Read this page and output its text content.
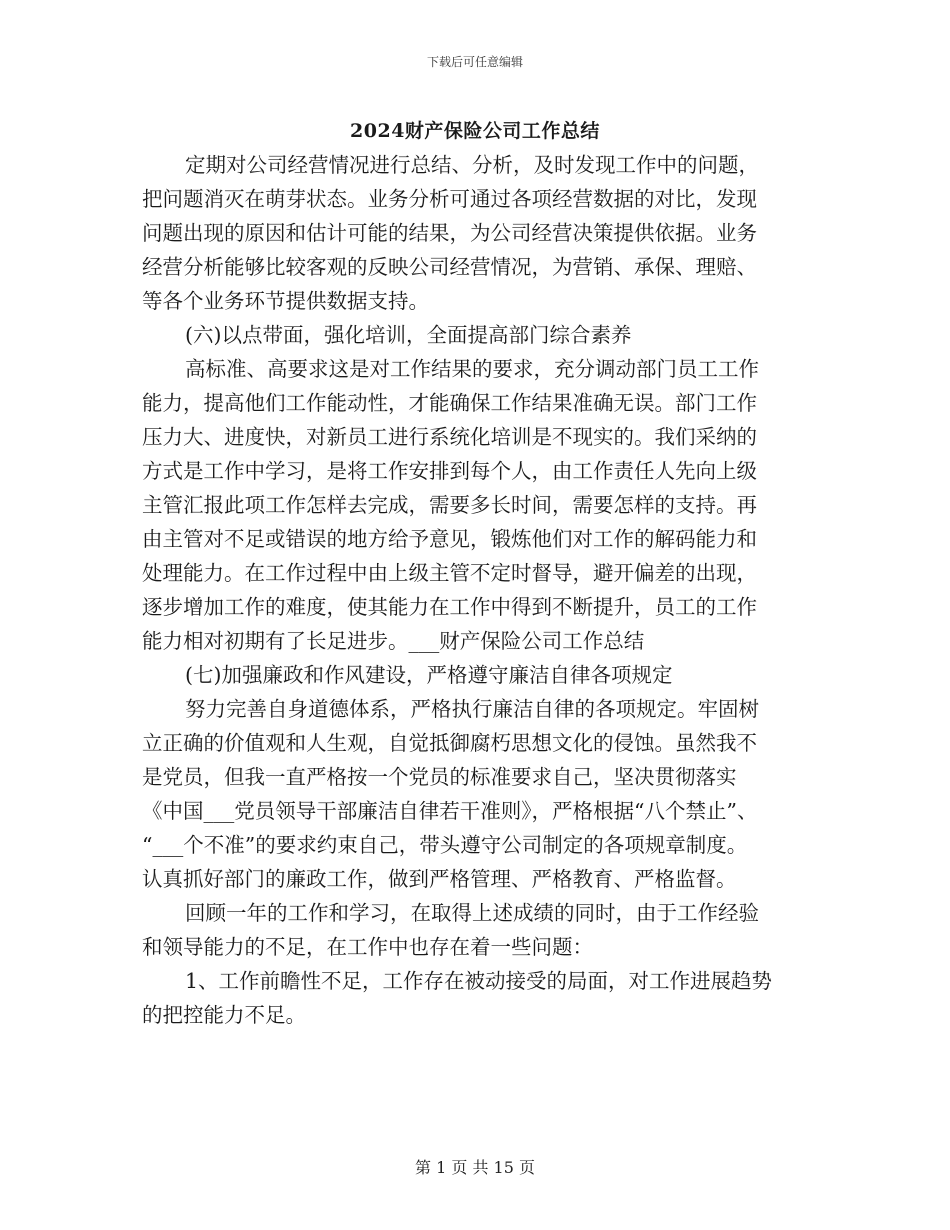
下载后可任意编辑
2024财产保险公司工作总结
定期对公司经营情况进行总结、分析，及时发现工作中的问题，
把问题消灭在萌芽状态。业务分析可通过各项经营数据的对比，发现
问题出现的原因和估计可能的结果，为公司经营决策提供依据。业务
经营分析能够比较客观的反映公司经营情况，为营销、承保、理赔、
等各个业务环节提供数据支持。
(六)以点带面，强化培训，全面提高部门综合素养
高标准、高要求这是对工作结果的要求，充分调动部门员工工作
能力，提高他们工作能动性，才能确保工作结果准确无误。部门工作
压力大、进度快，对新员工进行系统化培训是不现实的。我们采纳的
方式是工作中学习，是将工作安排到每个人，由工作责任人先向上级
主管汇报此项工作怎样去完成，需要多长时间，需要怎样的支持。再
由主管对不足或错误的地方给予意见，锻炼他们对工作的解码能力和
处理能力。在工作过程中由上级主管不定时督导，避开偏差的出现，
逐步增加工作的难度，使其能力在工作中得到不断提升，员工的工作
能力相对初期有了长足进步。___财产保险公司工作总结
(七)加强廉政和作风建设，严格遵守廉洁自律各项规定
努力完善自身道德体系，严格执行廉洁自律的各项规定。牢固树
立正确的价值观和人生观，自觉抵御腐朽思想文化的侵蚀。虽然我不
是党员，但我一直严格按一个党员的标准要求自己，坚决贯彻落实
《中国___党员领导干部廉洁自律若干准则》，严格根据“八个禁止”、
“___个不准”的要求约束自己，带头遵守公司制定的各项规章制度。
认真抓好部门的廉政工作，做到严格管理、严格教育、严格监督。
回顾一年的工作和学习，在取得上述成绩的同时，由于工作经验
和领导能力的不足，在工作中也存在着一些问题：
1、工作前瞻性不足，工作存在被动接受的局面，对工作进展趋势
的把控能力不足。
第 1 页 共 15 页
